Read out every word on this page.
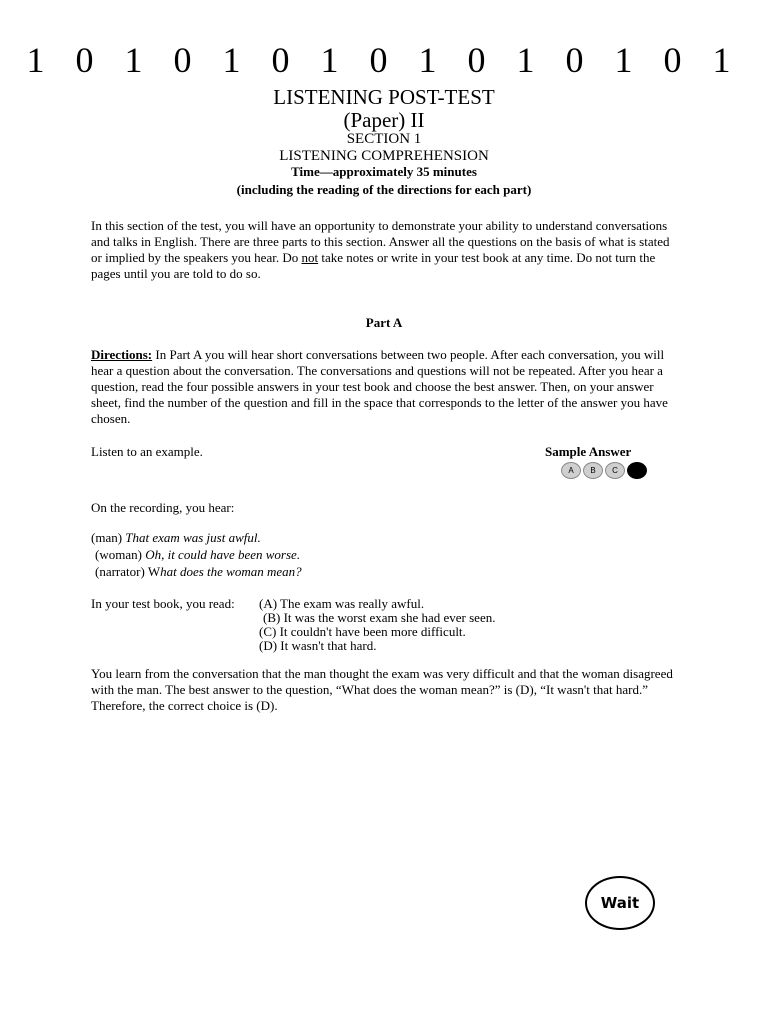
1 0 1 0 1 0 1 0 1 0 1 0 1 0 1
LISTENING POST-TEST
(Paper) II
SECTION 1
LISTENING COMPREHENSION
Time—approximately 35 minutes
(including the reading of the directions for each part)
In this section of the test, you will have an opportunity to demonstrate your ability to understand conversations and talks in English. There are three parts to this section. Answer all the questions on the basis of what is stated or implied by the speakers you hear. Do not take notes or write in your test book at any time. Do not turn the pages until you are told to do so.
Part A
Directions: In Part A you will hear short conversations between two people. After each conversation, you will hear a question about the conversation. The conversations and questions will not be repeated. After you hear a question, read the four possible answers in your test book and choose the best answer. Then, on your answer sheet, find the number of the question and fill in the space that corresponds to the letter of the answer you have chosen.
Listen to an example.	Sample Answer
A	B	C	D
On the recording, you hear:
(man) That exam was just awful.
(woman) Oh, it could have been worse.
(narrator) What does the woman mean?
In your test book, you read: (A) The exam was really awful.
(B) It was the worst exam she had ever seen.
(C) It couldn't have been more difficult.
(D) It wasn't that hard.
You learn from the conversation that the man thought the exam was very difficult and that the woman disagreed with the man. The best answer to the question, “What does the woman mean?” is (D), “It wasn't that hard.” Therefore, the correct choice is (D).
Wait
